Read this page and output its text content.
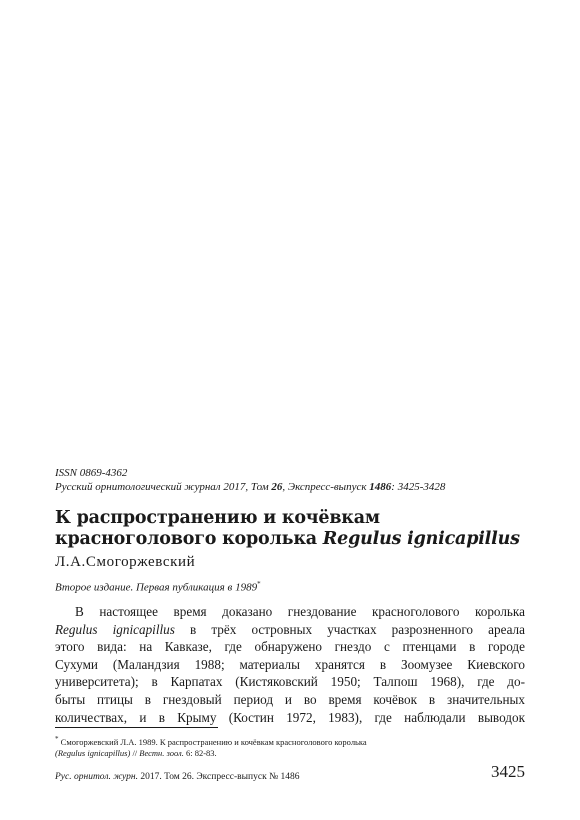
ISSN 0869-4362
Русский орнитологический журнал 2017, Том 26, Экспресс-выпуск 1486: 3425-3428
К распространению и кочёвкам красноголового королька Regulus ignicapillus
Л.А.Смогоржевский
Второе издание. Первая публикация в 1989*
В настоящее время доказано гнездование красноголового королька
Regulus ignicapillus в трёх островных участках разрозненного ареала
этого вида: на Кавказе, где обнаружено гнездо с птенцами в городе
Сухуми (Маландзия 1988; материалы хранятся в Зоомузее Киевского
университета); в Карпатах (Кистяковский 1950; Талпош 1968), где до-
быты птицы в гнездовый период и во время кочёвок в значительных
количествах, и в Крыму (Костин 1972, 1983), где наблюдали выводок
* Смогоржевский Л.А. 1989. К распространению и кочёвкам красноголового королька
(Regulus ignicapillus) // Вестн. зоол. 6: 82-83.
Рус. орнитол. журн. 2017. Том 26. Экспресс-выпуск № 1486	3425
